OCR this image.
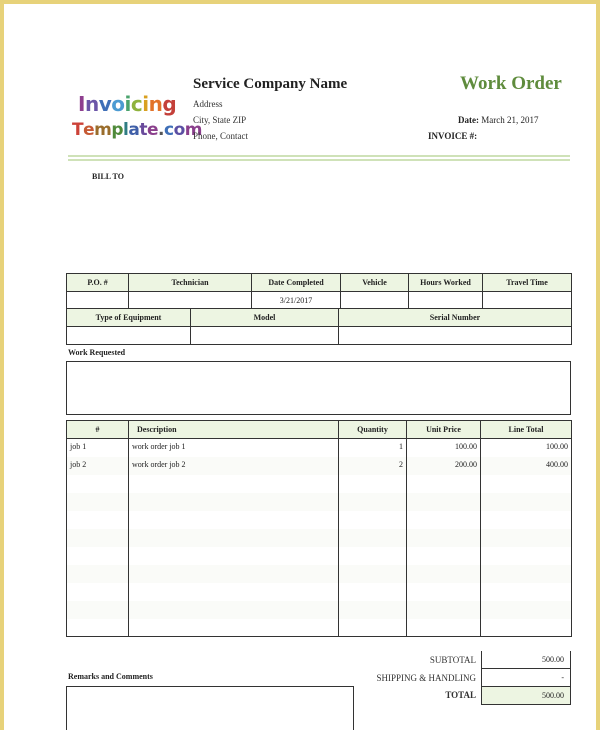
Invoicing
Template.com
Service Company Name
Address
City, State ZIP
Phone, Contact
Work Order
Date: March 21, 2017
INVOICE #:
BILL TO
P.O. #	Technician	Date Completed	Vehicle	Hours Worked	Travel Time
		3/21/2017			
Type of Equipment	Model	Serial Number

Work Requested
#	Description	Quantity	Unit Price	Line Total
job 1	work order job 1	1	100.00	100.00
job 2	work order job 2	2	200.00	400.00

SUBTOTAL	500.00
SHIPPING & HANDLING	-
TOTAL	500.00
Remarks and Comments
